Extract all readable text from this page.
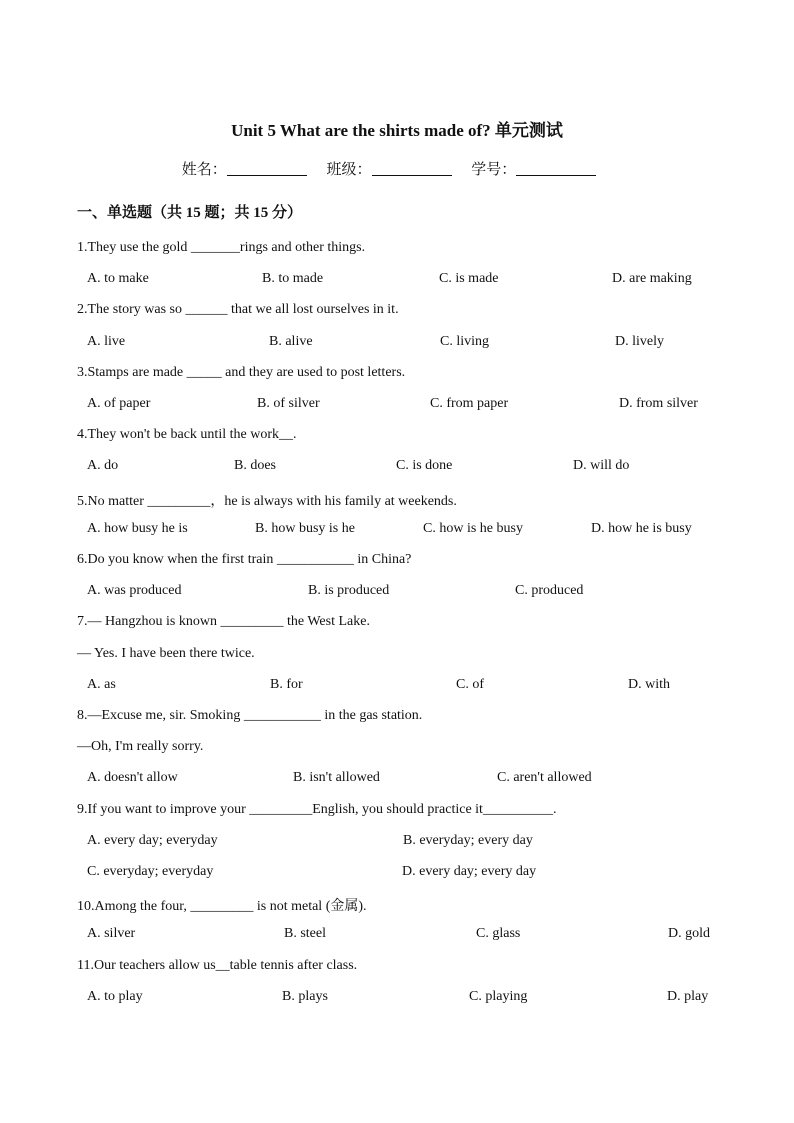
Unit 5 What are the shirts made of? 单元测试
姓名：	班级：	学号：
一、单选题（共 15 题；共 15 分）
1.They use the gold _______rings and other things.
A. to make	B. to made	C. is made	D. are making
2.The story was so ______ that we all lost ourselves in it.
A. live	B. alive	C. living	D. lively
3.Stamps are made _____ and they are used to post letters.
A. of paper	B. of silver	C. from paper	D. from silver
4.They won't be back until the work__.
A. do	B. does	C. is done	D. will do
5.No matter _________，he is always with his family at weekends.
A. how busy he is	B. how busy is he	C. how is he busy	D. how he is busy
6.Do you know when the first train ___________ in China?
A. was produced	B. is produced	C. produced
7.— Hangzhou is known _________ the West Lake.
— Yes. I have been there twice.
A. as	B. for	C. of	D. with
8.—Excuse me, sir. Smoking ___________ in the gas station.
—Oh, I'm really sorry.
A. doesn't allow	B. isn't allowed	C. aren't allowed
9.If you want to improve your _________English, you should practice it__________.
A. every day; everyday	B. everyday; every day
C. everyday; everyday	D. every day; every day
10.Among the four, _________ is not metal (金属).
A. silver	B. steel	C. glass	D. gold
11.Our teachers allow us__table tennis after class.
A. to play	B. plays	C. playing	D. play
